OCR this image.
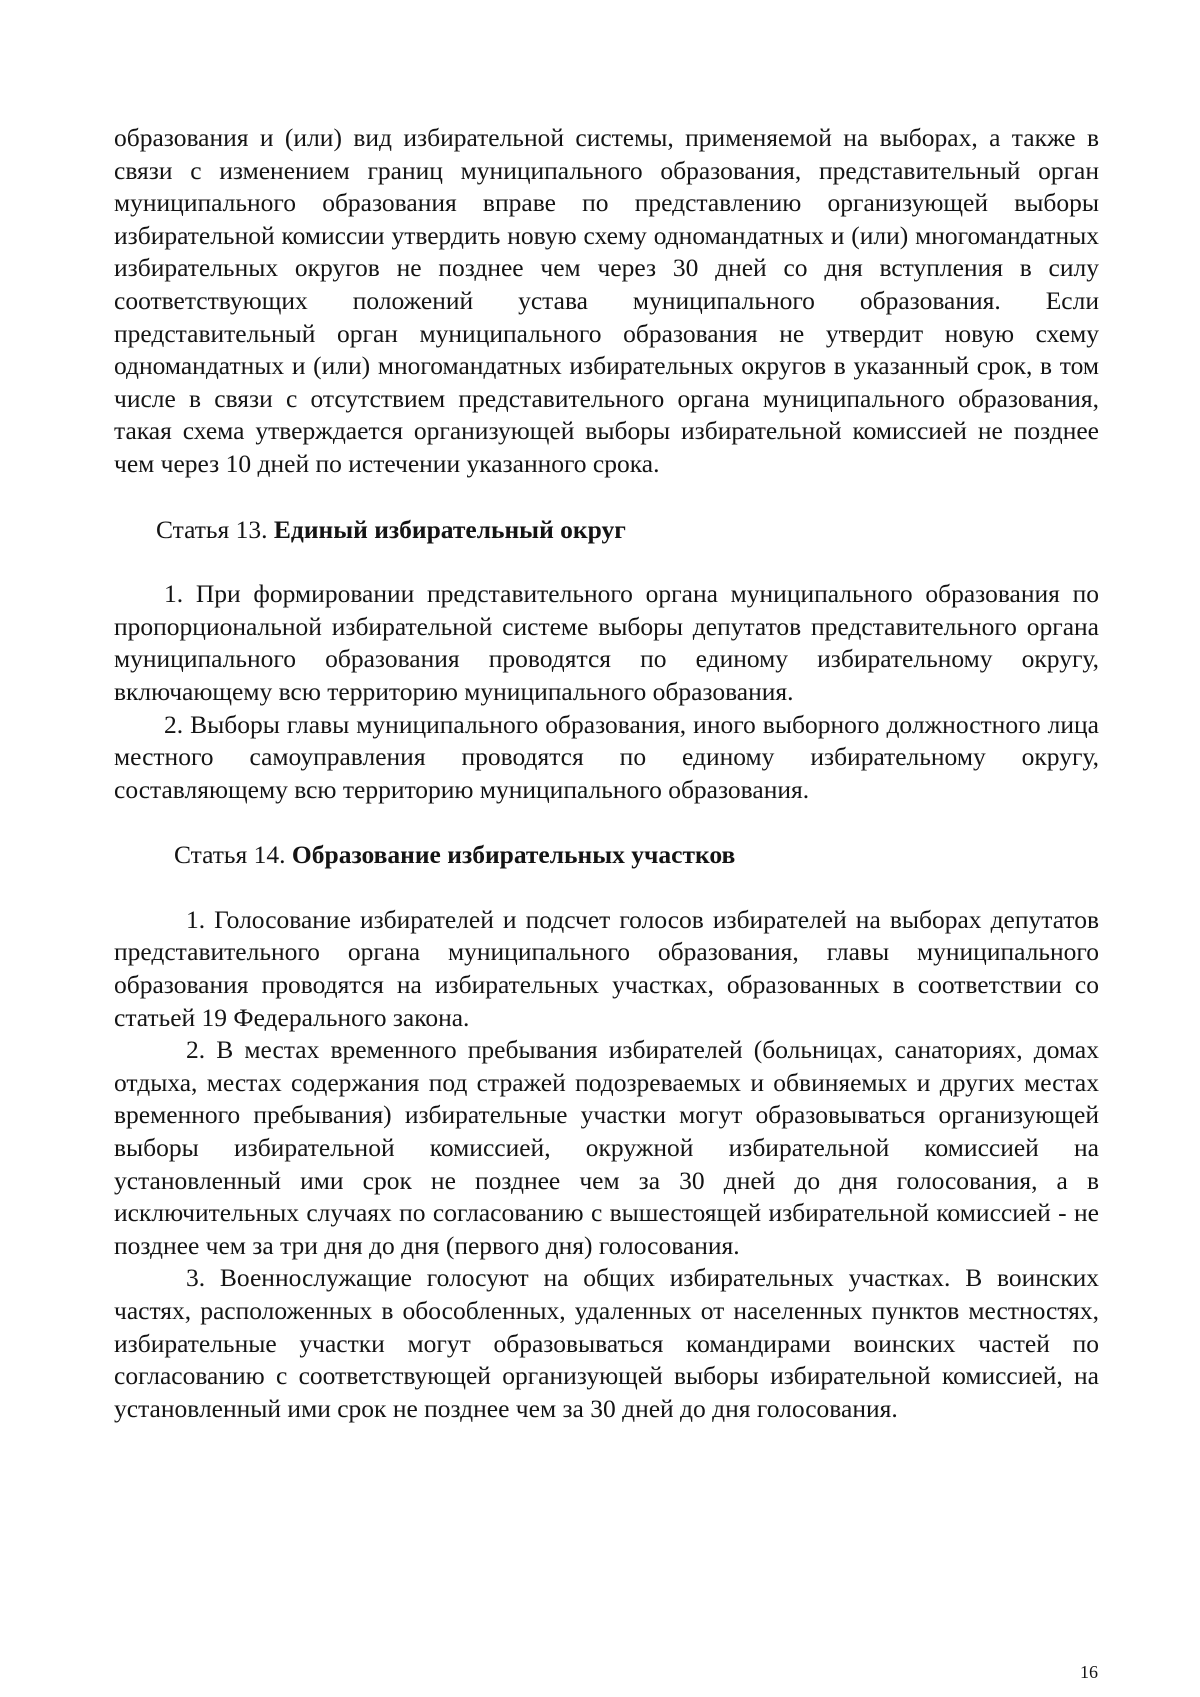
образования и (или) вид избирательной системы, применяемой на выборах, а также в связи с изменением границ муниципального образования, представительный орган муниципального образования вправе по представлению организующей выборы избирательной комиссии утвердить новую схему одномандатных и (или) многомандатных избирательных округов не позднее чем через 30 дней со дня вступления в силу соответствующих положений устава муниципального образования. Если представительный орган муниципального образования не утвердит новую схему одномандатных и (или) многомандатных избирательных округов в указанный срок, в том числе в связи с отсутствием представительного органа муниципального образования, такая схема утверждается организующей выборы избирательной комиссией не позднее чем через 10 дней по истечении указанного срока.

Статья 13. Единый избирательный округ

1. При формировании представительного органа муниципального образования по пропорциональной избирательной системе выборы депутатов представительного органа муниципального образования проводятся по единому избирательному округу, включающему всю территорию муниципального образования.

2. Выборы главы муниципального образования, иного выборного должностного лица местного самоуправления проводятся по единому избирательному округу, составляющему всю территорию муниципального образования.

Статья 14. Образование избирательных участков

1. Голосование избирателей и подсчет голосов избирателей на выборах депутатов представительного органа муниципального образования, главы муниципального образования проводятся на избирательных участках, образованных в соответствии со статьей 19 Федерального закона.

2. В местах временного пребывания избирателей (больницах, санаториях, домах отдыха, местах содержания под стражей подозреваемых и обвиняемых и других местах временного пребывания) избирательные участки могут образовываться организующей выборы избирательной комиссией, окружной избирательной комиссией на установленный ими срок не позднее чем за 30 дней до дня голосования, а в исключительных случаях по согласованию с вышестоящей избирательной комиссией - не позднее чем за три дня до дня (первого дня) голосования.

3. Военнослужащие голосуют на общих избирательных участках. В воинских частях, расположенных в обособленных, удаленных от населенных пунктов местностях, избирательные участки могут образовываться командирами воинских частей по согласованию с соответствующей организующей выборы избирательной комиссией, на установленный ими срок не позднее чем за 30 дней до дня голосования.

16
